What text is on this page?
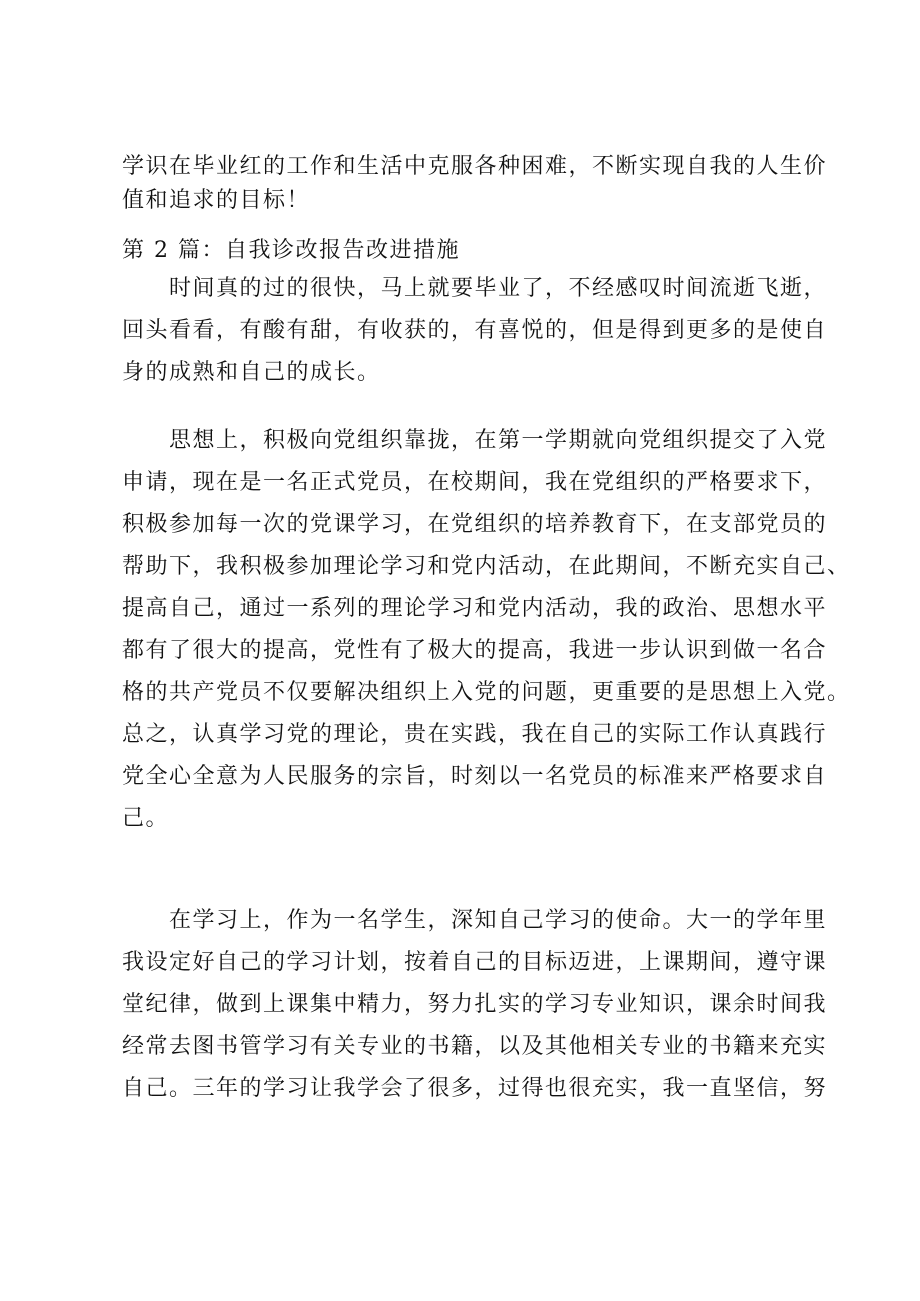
学识在毕业红的工作和生活中克服各种困难，不断实现自我的人生价
值和追求的目标！
第 2 篇：自我诊改报告改进措施
　　时间真的过的很快，马上就要毕业了，不经感叹时间流逝飞逝，
回头看看，有酸有甜，有收获的，有喜悦的，但是得到更多的是使自
身的成熟和自己的成长。
　　思想上，积极向党组织靠拢，在第一学期就向党组织提交了入党
申请，现在是一名正式党员，在校期间，我在党组织的严格要求下，
积极参加每一次的党课学习，在党组织的培养教育下，在支部党员的
帮助下，我积极参加理论学习和党内活动，在此期间，不断充实自己、
提高自己，通过一系列的理论学习和党内活动，我的政治、思想水平
都有了很大的提高，党性有了极大的提高，我进一步认识到做一名合
格的共产党员不仅要解决组织上入党的问题，更重要的是思想上入党。
总之，认真学习党的理论，贵在实践，我在自己的实际工作认真践行
党全心全意为人民服务的宗旨，时刻以一名党员的标准来严格要求自
己。
　　在学习上，作为一名学生，深知自己学习的使命。大一的学年里
我设定好自己的学习计划，按着自己的目标迈进，上课期间，遵守课
堂纪律，做到上课集中精力，努力扎实的学习专业知识，课余时间我
经常去图书管学习有关专业的书籍，以及其他相关专业的书籍来充实
自己。三年的学习让我学会了很多，过得也很充实，我一直坚信，努
